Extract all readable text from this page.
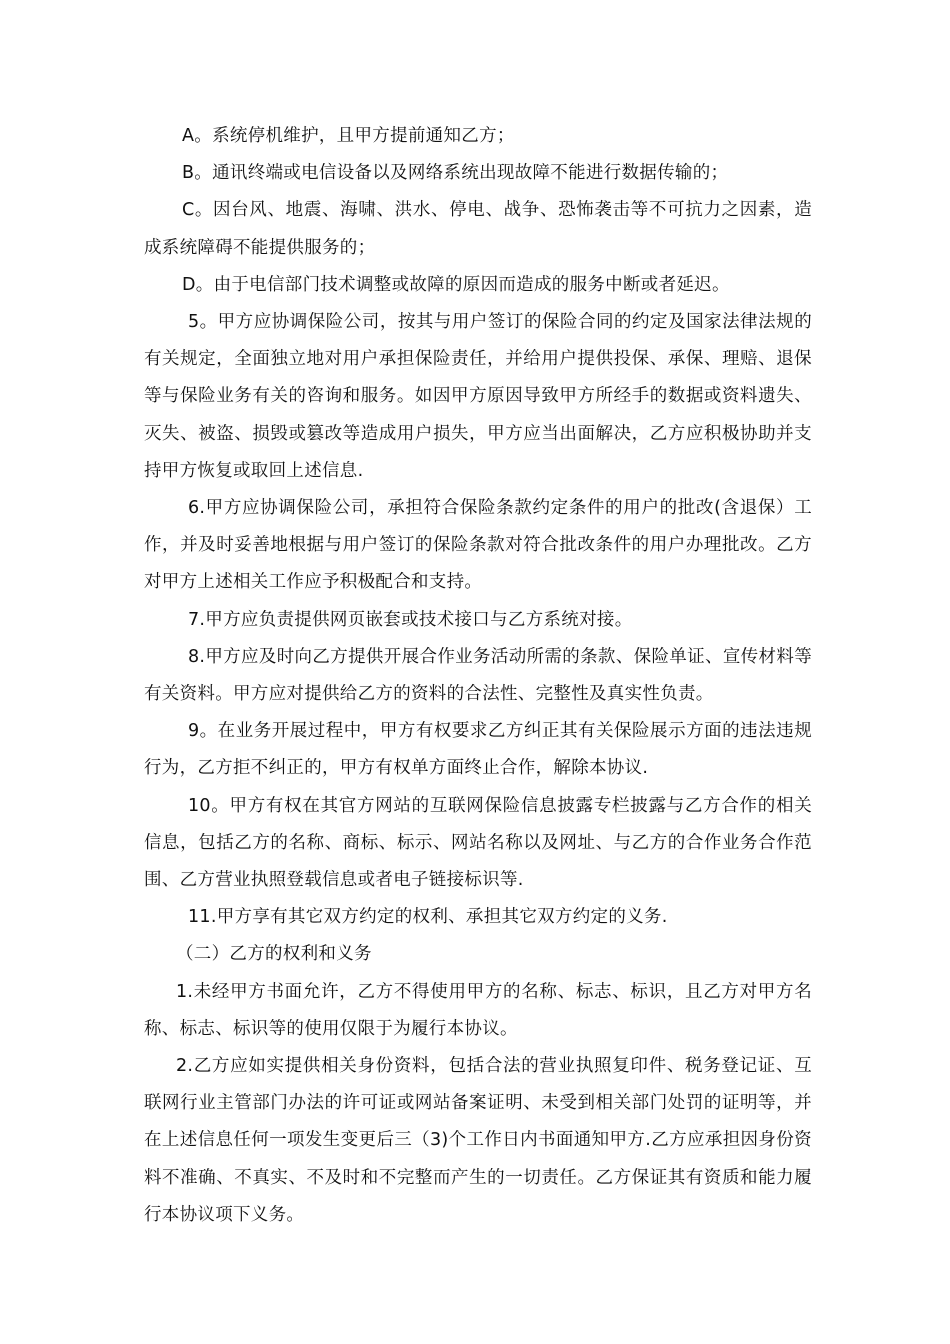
A。系统停机维护，且甲方提前通知乙方；

B。通讯终端或电信设备以及网络系统出现故障不能进行数据传输的；

C。因台风、地震、海啸、洪水、停电、战争、恐怖袭击等不可抗力之因素，造成系统障碍不能提供服务的；

D。由于电信部门技术调整或故障的原因而造成的服务中断或者延迟。

5。甲方应协调保险公司，按其与用户签订的保险合同的约定及国家法律法规的有关规定，全面独立地对用户承担保险责任，并给用户提供投保、承保、理赔、退保等与保险业务有关的咨询和服务。如因甲方原因导致甲方所经手的数据或资料遗失、灭失、被盗、损毁或篡改等造成用户损失，甲方应当出面解决，乙方应积极协助并支持甲方恢复或取回上述信息.

6.甲方应协调保险公司，承担符合保险条款约定条件的用户的批改(含退保）工作，并及时妥善地根据与用户签订的保险条款对符合批改条件的用户办理批改。乙方对甲方上述相关工作应予积极配合和支持。

7.甲方应负责提供网页嵌套或技术接口与乙方系统对接。

8.甲方应及时向乙方提供开展合作业务活动所需的条款、保险单证、宣传材料等有关资料。甲方应对提供给乙方的资料的合法性、完整性及真实性负责。

9。在业务开展过程中，甲方有权要求乙方纠正其有关保险展示方面的违法违规行为，乙方拒不纠正的，甲方有权单方面终止合作，解除本协议.

10。甲方有权在其官方网站的互联网保险信息披露专栏披露与乙方合作的相关信息，包括乙方的名称、商标、标示、网站名称以及网址、与乙方的合作业务合作范围、乙方营业执照登载信息或者电子链接标识等.

11.甲方享有其它双方约定的权利、承担其它双方约定的义务.

（二）乙方的权利和义务

1.未经甲方书面允许，乙方不得使用甲方的名称、标志、标识，且乙方对甲方名称、标志、标识等的使用仅限于为履行本协议。

2.乙方应如实提供相关身份资料，包括合法的营业执照复印件、税务登记证、互联网行业主管部门办法的许可证或网站备案证明、未受到相关部门处罚的证明等，并在上述信息任何一项发生变更后三（3)个工作日内书面通知甲方.乙方应承担因身份资料不准确、不真实、不及时和不完整而产生的一切责任。乙方保证其有资质和能力履行本协议项下义务。
